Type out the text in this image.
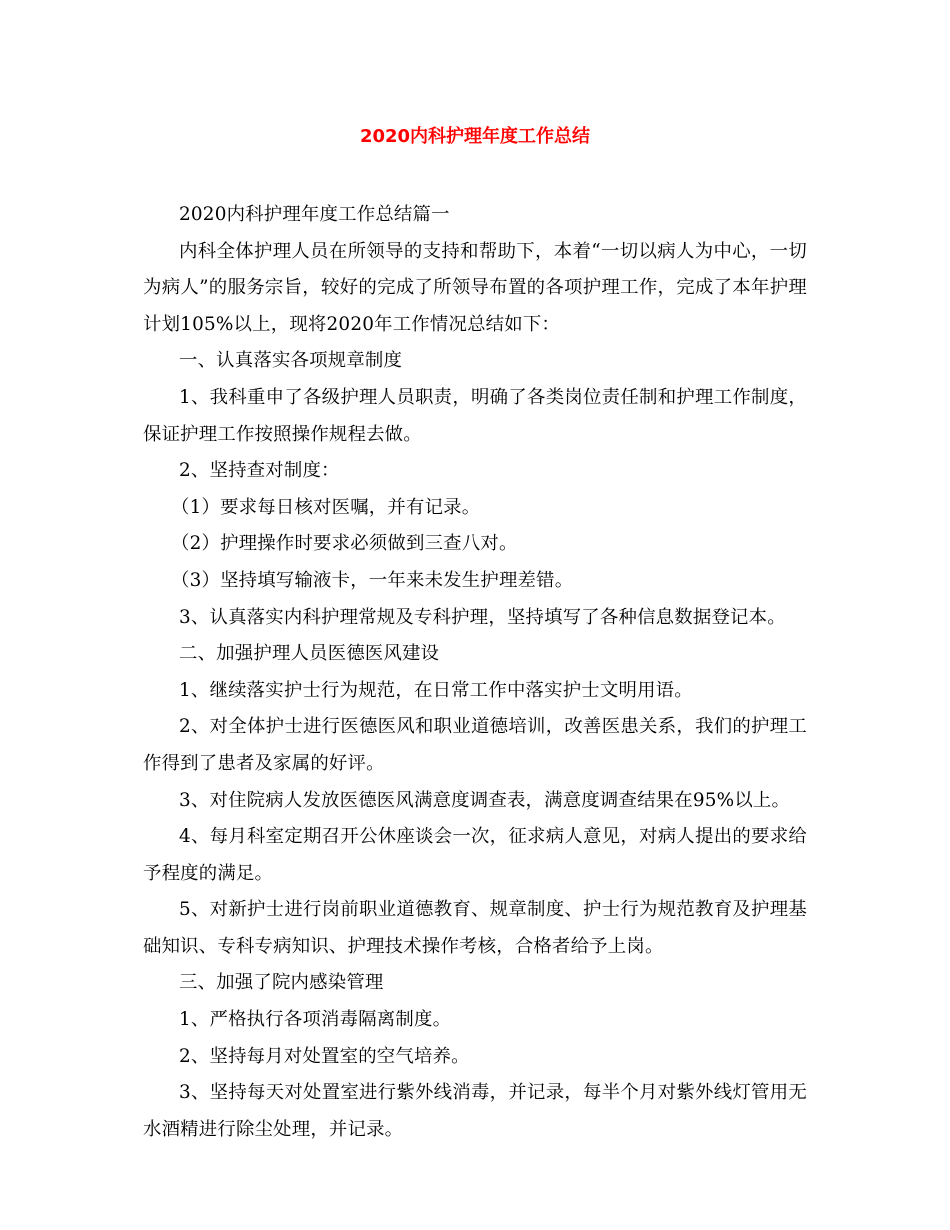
2020内科护理年度工作总结

2020内科护理年度工作总结篇一

内科全体护理人员在所领导的支持和帮助下，本着“一切以病人为中心，一切为病人”的服务宗旨，较好的完成了所领导布置的各项护理工作，完成了本年护理计划105%以上，现将2020年工作情况总结如下：

一、认真落实各项规章制度

1、我科重申了各级护理人员职责，明确了各类岗位责任制和护理工作制度，保证护理工作按照操作规程去做。

2、坚持查对制度：

（1）要求每日核对医嘱，并有记录。

（2）护理操作时要求必须做到三查八对。

（3）坚持填写输液卡，一年来未发生护理差错。

3、认真落实内科护理常规及专科护理，坚持填写了各种信息数据登记本。

二、加强护理人员医德医风建设

1、继续落实护士行为规范，在日常工作中落实护士文明用语。

2、对全体护士进行医德医风和职业道德培训，改善医患关系，我们的护理工作得到了患者及家属的好评。

3、对住院病人发放医德医风满意度调查表，满意度调查结果在95%以上。

4、每月科室定期召开公休座谈会一次，征求病人意见，对病人提出的要求给予程度的满足。

5、对新护士进行岗前职业道德教育、规章制度、护士行为规范教育及护理基础知识、专科专病知识、护理技术操作考核，合格者给予上岗。

三、加强了院内感染管理

1、严格执行各项消毒隔离制度。

2、坚持每月对处置室的空气培养。

3、坚持每天对处置室进行紫外线消毒，并记录，每半个月对紫外线灯管用无水酒精进行除尘处理，并记录。
